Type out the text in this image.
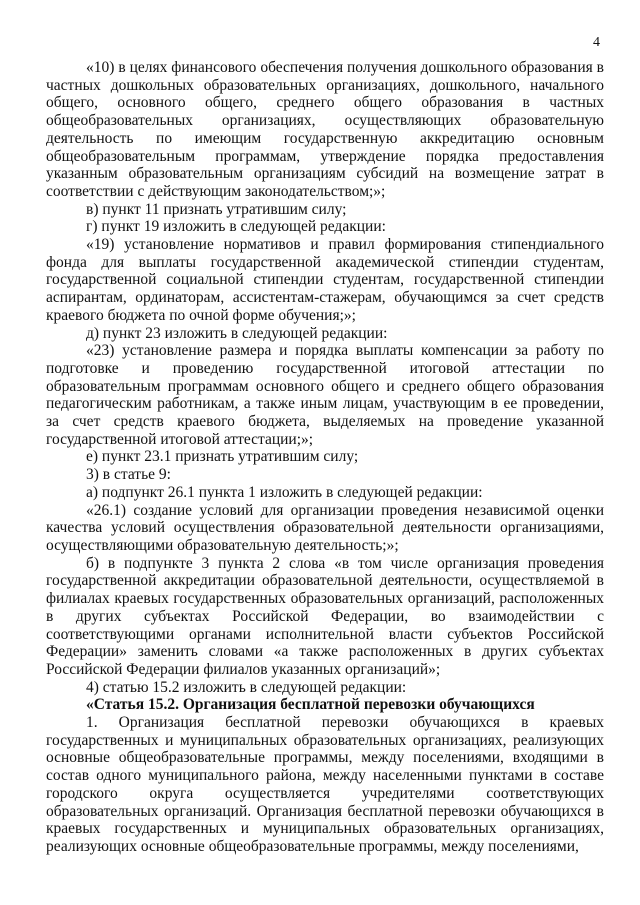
4

«10) в целях финансового обеспечения получения дошкольного образования в частных дошкольных образовательных организациях, дошкольного, начального общего, основного общего, среднего общего образования в частных общеобразовательных организациях, осуществляющих образовательную деятельность по имеющим государственную аккредитацию основным общеобразовательным программам, утверждение порядка предоставления указанным образовательным организациям субсидий на возмещение затрат в соответствии с действующим законодательством;»;

в) пункт 11 признать утратившим силу;

г) пункт 19 изложить в следующей редакции:

«19) установление нормативов и правил формирования стипендиального фонда для выплаты государственной академической стипендии студентам, государственной социальной стипендии студентам, государственной стипендии аспирантам, ординаторам, ассистентам-стажерам, обучающимся за счет средств краевого бюджета по очной форме обучения;»;

д) пункт 23 изложить в следующей редакции:

«23) установление размера и порядка выплаты компенсации за работу по подготовке и проведению государственной итоговой аттестации по образовательным программам основного общего и среднего общего образования педагогическим работникам, а также иным лицам, участвующим в ее проведении, за счет средств краевого бюджета, выделяемых на проведение указанной государственной итоговой аттестации;»;

е) пункт 23.1 признать утратившим силу;

3) в статье 9:

а) подпункт 26.1 пункта 1 изложить в следующей редакции:

«26.1) создание условий для организации проведения независимой оценки качества условий осуществления образовательной деятельности организациями, осуществляющими образовательную деятельность;»;

б) в подпункте 3 пункта 2 слова «в том числе организация проведения государственной аккредитации образовательной деятельности, осуществляемой в филиалах краевых государственных образовательных организаций, расположенных в других субъектах Российской Федерации, во взаимодействии с соответствующими органами исполнительной власти субъектов Российской Федерации» заменить словами «а также расположенных в других субъектах Российской Федерации филиалов указанных организаций»;

4) статью 15.2 изложить в следующей редакции:

«Статья 15.2. Организация бесплатной перевозки обучающихся

1. Организация бесплатной перевозки обучающихся в краевых государственных и муниципальных образовательных организациях, реализующих основные общеобразовательные программы, между поселениями, входящими в состав одного муниципального района, между населенными пунктами в составе городского округа осуществляется учредителями соответствующих образовательных организаций. Организация бесплатной перевозки обучающихся в краевых государственных и муниципальных образовательных организациях, реализующих основные общеобразовательные программы, между поселениями,
